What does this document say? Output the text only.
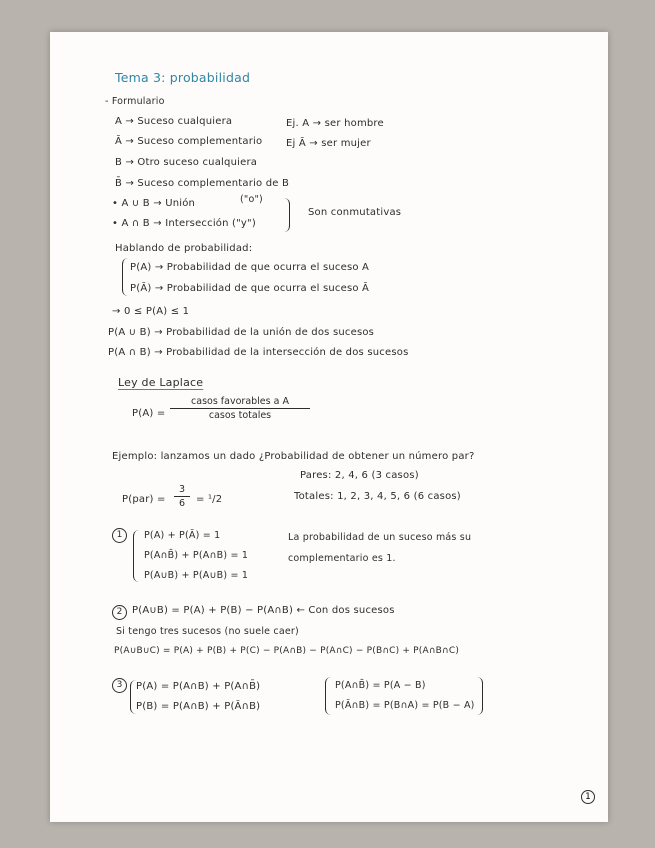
Tema 3: probabilidad
- Formulario
A → Suceso cualquiera	Ej. A → ser hombre
Ā → Suceso complementario Ej Ā → ser mujer
B → Otro suceso cualquiera
B̄ → Suceso complementario de B
• A ∪ B → Unión	("o")
• A ∩ B → Intersección ("y")
Son conmutativas
Hablando de probabilidad:
P(A) → Probabilidad de que ocurra el suceso A
P(Ā) → Probabilidad de que ocurra el suceso Ā
→ 0 ≤ P(A) ≤ 1
P(A ∪ B) → Probabilidad de la unión de dos sucesos
P(A ∩ B) → Probabilidad de la intersección de dos sucesos
Ley de Laplace
P(A) =
casos favorables a A
casos totales
Ejemplo: lanzamos un dado ¿Probabilidad de obtener un número par?
Pares: 2, 4, 6 (3 casos)
$P(par) = \frac{3}{6} = ^1/2$	Totales: 1, 2, 3, 4, 5, 6 (6 casos)
1	P(A) + P(Ā) = 1
P(A∩B̄) + P(A∩B) = 1
P(A∪B) + P(A∪B) = 1
La probabilidad de un suceso más su
complementario es 1.
2 P(A∪B) = P(A) + P(B) − P(A∩B) ← Con dos sucesos
Si tengo tres sucesos (no suele caer)
P(A∪B∪C) = P(A) + P(B) + P(C) − P(A∩B) − P(A∩C) − P(B∩C) + P(A∩B∩C)
3	P(A) = P(A∩B) + P(A∩B̄)
P(B) = P(A∩B) + P(Ā∩B)
P(A∩B̄) = P(A − B)
P(Ā∩B) = P(B∩A) = P(B − A)
1
